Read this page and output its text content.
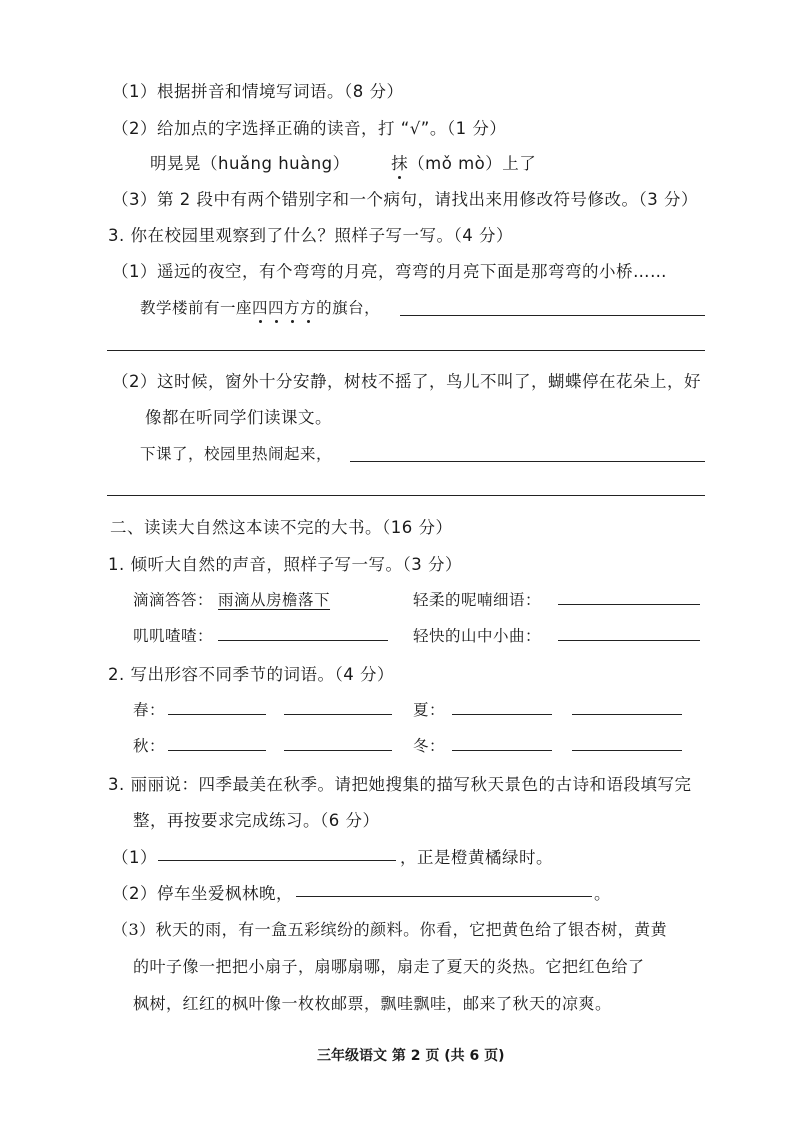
（1）根据拼音和情境写词语。（8 分）
（2）给加点的字选择正确的读音，打 “√”。（1 分）
明晃晃（huǎng huàng）	抹（mǒ mò）上了
（3）第 2 段中有两个错别字和一个病句，请找出来用修改符号修改。（3 分）
3. 你在校园里观察到了什么？照样子写一写。（4 分）
（1）遥远的夜空，有个弯弯的月亮，弯弯的月亮下面是那弯弯的小桥……
教学楼前有一座四四方方的旗台，
（2）这时候，窗外十分安静，树枝不摇了，鸟儿不叫了，蝴蝶停在花朵上，好
像都在听同学们读课文。
下课了，校园里热闹起来，
二、读读大自然这本读不完的大书。（16 分）
1. 倾听大自然的声音，照样子写一写。（3 分）
滴滴答答： 雨滴从房檐落下	轻柔的呢喃细语：
叽叽喳喳：	轻快的山中小曲：
2. 写出形容不同季节的词语。（4 分）
春：	夏：
秋：	冬：
3. 丽丽说：四季最美在秋季。请把她搜集的描写秋天景色的古诗和语段填写完
整，再按要求完成练习。（6 分）
（1）	，正是橙黄橘绿时。
（2）停车坐爱枫林晚，	。
（3）秋天的雨，有一盒五彩缤纷的颜料。你看，它把黄色给了银杏树，黄黄
的叶子像一把把小扇子，扇哪扇哪，扇走了夏天的炎热。它把红色给了
枫树，红红的枫叶像一枚枚邮票，飘哇飘哇，邮来了秋天的凉爽。
三年级语文 第 2 页 (共 6 页)
